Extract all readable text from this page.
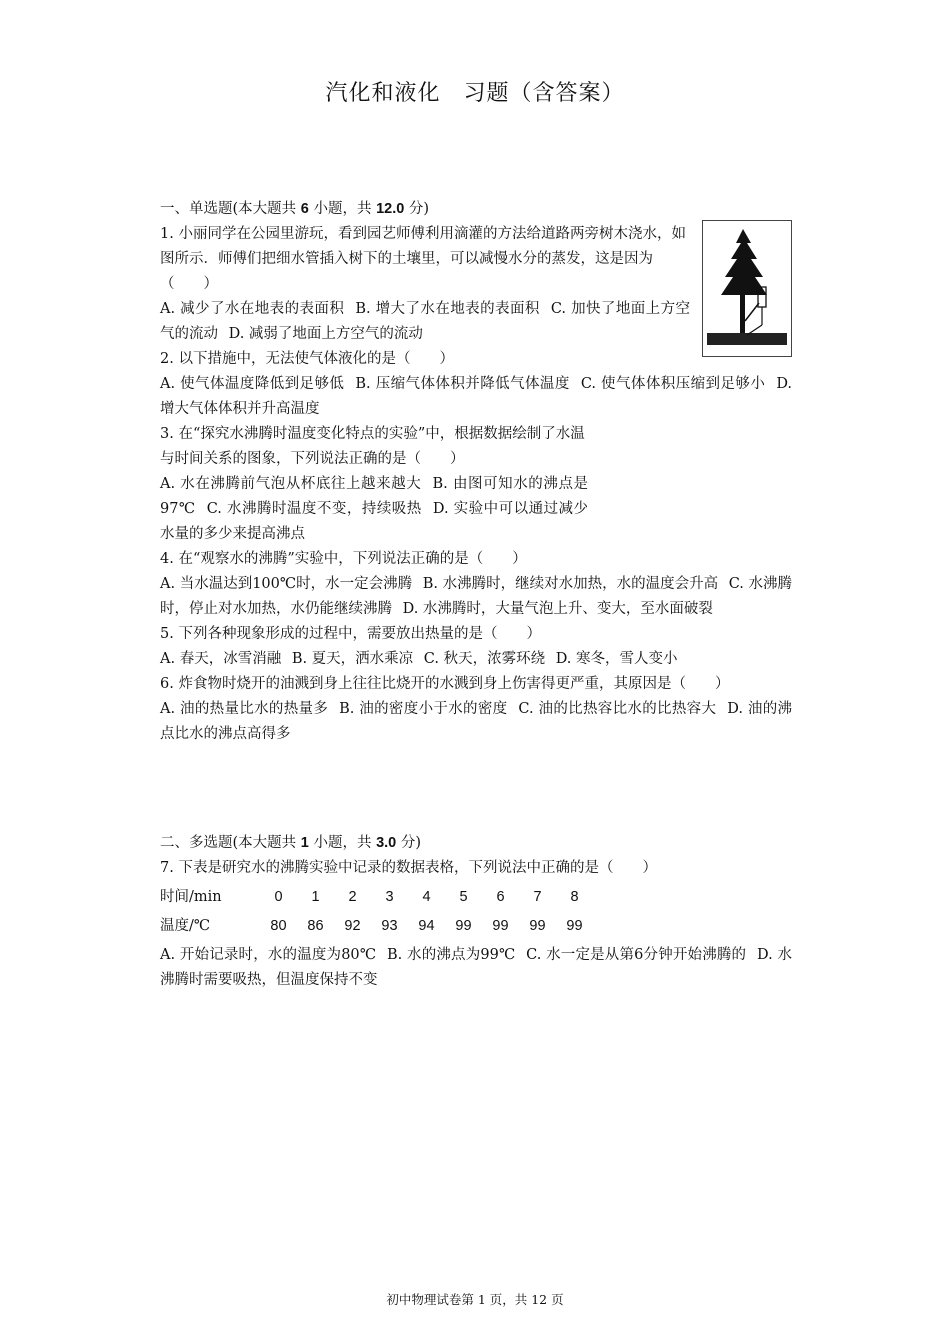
汽化和液化　习题（含答案）
一、单选题(本大题共 6 小题，共 12.0 分)
1. 小丽同学在公园里游玩，看到园艺师傅利用滴灌的方法给道路两旁树木浇水，如图所示．师傅们把细水管插入树下的土壤里，可以减慢水分的蒸发，这是因为（　　）
A. 减少了水在地表的表面积 B. 增大了水在地表的表面积 C. 加快了地面上方空气的流动 D. 减弱了地面上方空气的流动
2. 以下措施中，无法使气体液化的是（　　）
A. 使气体温度降低到足够低 B. 压缩气体体积并降低气体温度 C. 使气体体积压缩到足够小 D. 增大气体体积并升高温度
3. 在“探究水沸腾时温度变化特点的实验”中，根据数据绘制了水温与时间关系的图象，下列说法正确的是（　　）
A. 水在沸腾前气泡从杯底往上越来越大 B. 由图可知水的沸点是97℃ C. 水沸腾时温度不变，持续吸热 D. 实验中可以通过减少水量的多少来提高沸点
4. 在“观察水的沸腾”实验中，下列说法正确的是（　　）
A. 当水温达到100℃时，水一定会沸腾 B. 水沸腾时，继续对水加热，水的温度会升高 C. 水沸腾时，停止对水加热，水仍能继续沸腾 D. 水沸腾时，大量气泡上升、变大，至水面破裂
5. 下列各种现象形成的过程中，需要放出热量的是（　　）
A. 春天，冰雪消融 B. 夏天，洒水乘凉 C. 秋天，浓雾环绕 D. 寒冬，雪人变小
6. 炸食物时烧开的油溅到身上往往比烧开的水溅到身上伤害得更严重，其原因是（　　）
A. 油的热量比水的热量多 B. 油的密度小于水的密度 C. 油的比热容比水的比热容大 D. 油的沸点比水的沸点高得多
二、多选题(本大题共 1 小题，共 3.0 分)
7. 下表是研究水的沸腾实验中记录的数据表格，下列说法中正确的是（　　）
时间/min	0	1	2	3	4	5	6	7	8
温度/℃	80	86	92	93	94	99	99	99	99
A. 开始记录时，水的温度为80℃ B. 水的沸点为99℃ C. 水一定是从第6分钟开始沸腾的 D. 水沸腾时需要吸热，但温度保持不变
初中物理试卷第 1 页，共 12 页
